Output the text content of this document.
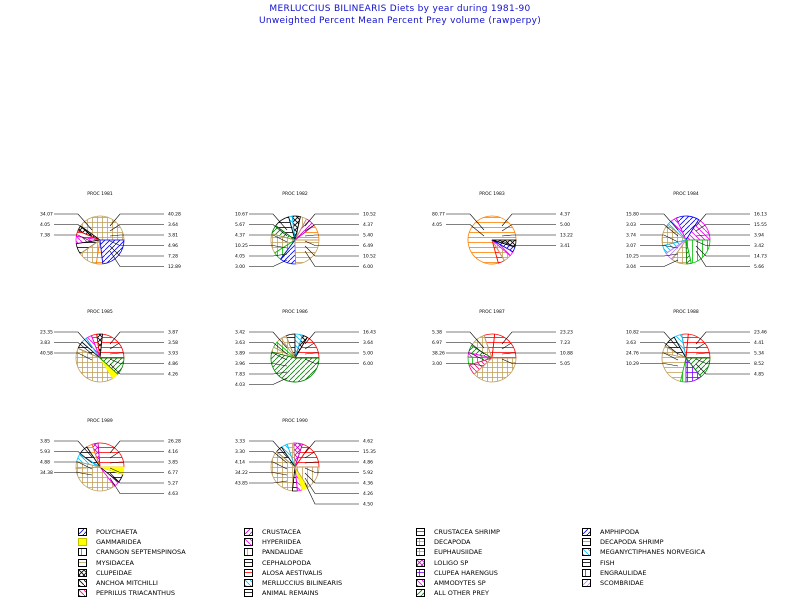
MERLUCCIUS BILINEARIS Diets by year during 1981-90
Unweighted Percent Mean Percent Prey volume (rawperpy)
PROC 1981
40.28
3.64
3.81
4.96
7.28
12.89
34.07
4.05
7.38
PROC 1982
10.52
4.37
5.40
6.49
10.52
6.00
10.67
5.67
4.37
10.25
4.05
3.00
PROC 1983
4.37
5.00
13.22
3.41
80.77
4.05
PROC 1984
16.13
15.55
3.94
3.42
14.73
5.66
15.80
3.03
3.74
3.07
10.25
3.04
PROC 1985
3.87
3.58
3.93
4.86
4.26
23.35
3.83
40.58
PROC 1986
16.43
3.64
5.00
6.00
3.42
3.63
3.89
3.96
7.83
4.03
PROC 1987
23.23
7.23
10.88
5.05
5.38
6.97
38.26
3.00
PROC 1988
23.46
4.41
5.34
8.52
4.85
10.82
3.63
24.76
10.29
PROC 1989
26.28
4.16
3.85
6.77
5.27
4.63
3.85
5.93
4.88
34.38
PROC 1990
4.62
15.35
4.86
5.92
4.36
4.26
4.50
3.33
3.30
4.14
34.22
43.85
POLYCHAETA
GAMMARIDEA
CRANGON SEPTEMSPINOSA
MYSIDACEA
CLUPEIDAE
ANCHOA MITCHILLI
PEPRILUS TRIACANTHUS
CRUSTACEA
HYPERIIDEA
PANDALIDAE
CEPHALOPODA
ALOSA AESTIVALIS
MERLUCCIUS BILINEARIS
ANIMAL REMAINS
CRUSTACEA SHRIMP
DECAPODA
EUPHAUSIIDAE
LOLIGO SP
CLUPEA HARENGUS
AMMODYTES SP
ALL OTHER PREY
AMPHIPODA
DECAPODA SHRIMP
MEGANYCTIPHANES NORVEGICA
FISH
ENGRAULIDAE
SCOMBRIDAE
